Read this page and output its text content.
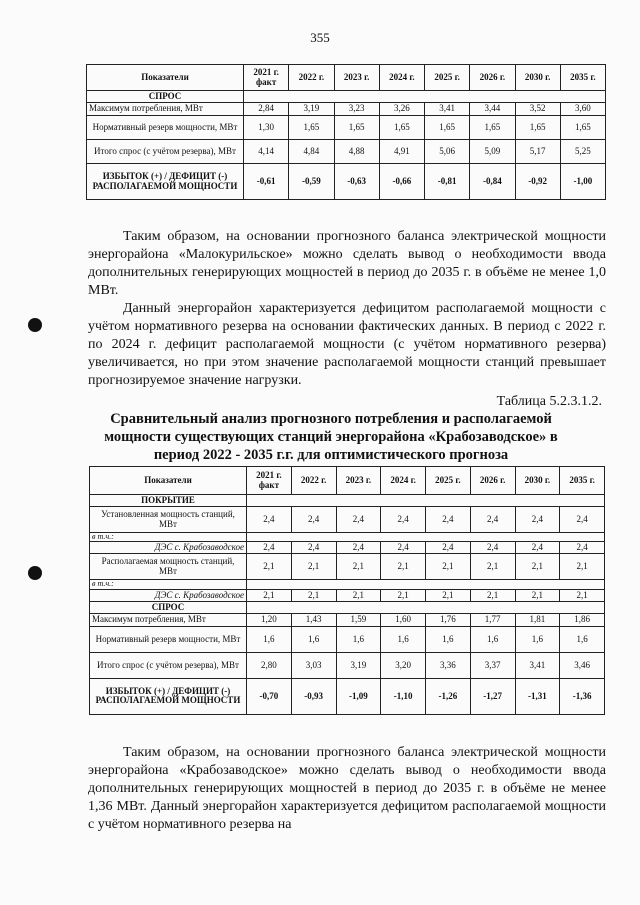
355
Показатели	2021 г. факт	2022 г.	2023 г.	2024 г.	2025 г.	2026 г.	2030 г.	2035 г.
СПРОС								
Максимум потребления, МВт	2,84	3,19	3,23	3,26	3,41	3,44	3,52	3,60
Нормативный резерв мощности, МВт	1,30	1,65	1,65	1,65	1,65	1,65	1,65	1,65
Итого спрос (с учётом резерва), МВт	4,14	4,84	4,88	4,91	5,06	5,09	5,17	5,25
ИЗБЫТОК (+) / ДЕФИЦИТ (-) РАСПОЛАГАЕМОЙ МОЩНОСТИ	-0,61	-0,59	-0,63	-0,66	-0,81	-0,84	-0,92	-1,00

Таким образом, на основании прогнозного баланса электрической мощности энергорайона «Малокурильское» можно сделать вывод о необходимости ввода дополнительных генерирующих мощностей в период до 2035 г. в объёме не менее 1,0 МВт.

Данный энергорайон характеризуется дефицитом располагаемой мощности с учётом нормативного резерва на основании фактических данных. В период с 2022 г. по 2024 г. дефицит располагаемой мощности (с учётом нормативного резерва) увеличивается, но при этом значение располагаемой мощности станций превышает прогнозируемое значение нагрузки.

Таблица 5.2.3.1.2.
Сравнительный анализ прогнозного потребления и располагаемой мощности существующих станций энергорайона «Крабозаводское» в период 2022 - 2035 г.г. для оптимистического прогноза
Показатели	2021 г. факт	2022 г.	2023 г.	2024 г.	2025 г.	2026 г.	2030 г.	2035 г.
ПОКРЫТИЕ								
Установленная мощность станций, МВт	2,4	2,4	2,4	2,4	2,4	2,4	2,4	2,4
в т.ч.:								
ДЭС с. Крабозаводское	2,4	2,4	2,4	2,4	2,4	2,4	2,4	2,4
Располагаемая мощность станций, МВт	2,1	2,1	2,1	2,1	2,1	2,1	2,1	2,1
в т.ч.:								
ДЭС с. Крабозаводское	2,1	2,1	2,1	2,1	2,1	2,1	2,1	2,1
СПРОС								
Максимум потребления, МВт	1,20	1,43	1,59	1,60	1,76	1,77	1,81	1,86
Нормативный резерв мощности, МВт	1,6	1,6	1,6	1,6	1,6	1,6	1,6	1,6
Итого спрос (с учётом резерва), МВт	2,80	3,03	3,19	3,20	3,36	3,37	3,41	3,46
ИЗБЫТОК (+) / ДЕФИЦИТ (-) РАСПОЛАГАЕМОЙ МОЩНОСТИ	-0,70	-0,93	-1,09	-1,10	-1,26	-1,27	-1,31	-1,36

Таким образом, на основании прогнозного баланса электрической мощности энергорайона «Крабозаводское» можно сделать вывод о необходимости ввода дополнительных генерирующих мощностей в период до 2035 г. в объёме не менее 1,36 МВт. Данный энергорайон характеризуется дефицитом располагаемой мощности с учётом нормативного резерва на
